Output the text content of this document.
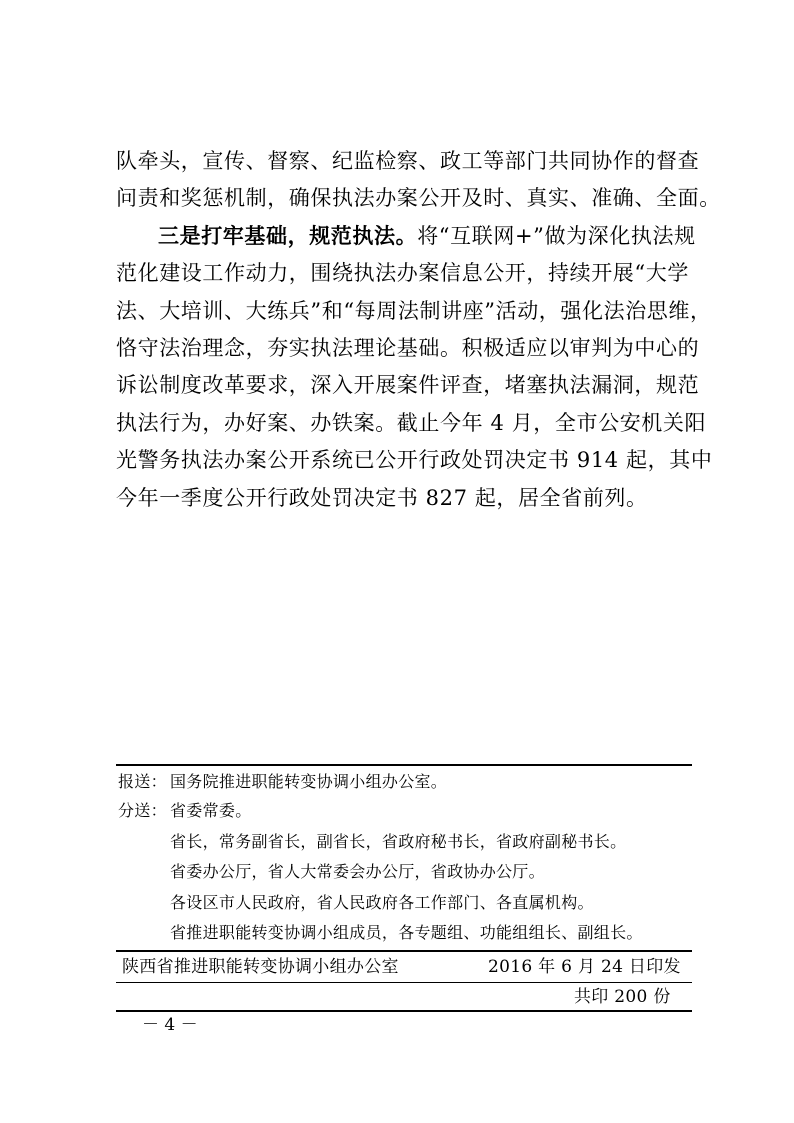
队牵头，宣传、督察、纪监检察、政工等部门共同协作的督查
问责和奖惩机制，确保执法办案公开及时、真实、准确、全面。
三是打牢基础，规范执法。将“互联网+”做为深化执法规
范化建设工作动力，围绕执法办案信息公开，持续开展“大学
法、大培训、大练兵”和“每周法制讲座”活动，强化法治思维，
恪守法治理念，夯实执法理论基础。积极适应以审判为中心的
诉讼制度改革要求，深入开展案件评查，堵塞执法漏洞，规范
执法行为，办好案、办铁案。截止今年 4 月，全市公安机关阳
光警务执法办案公开系统已公开行政处罚决定书 914 起，其中
今年一季度公开行政处罚决定书 827 起，居全省前列。
报送： 国务院推进职能转变协调小组办公室。
分送： 省委常委。
省长，常务副省长，副省长，省政府秘书长，省政府副秘书长。
省委办公厅，省人大常委会办公厅，省政协办公厅。
各设区市人民政府，省人民政府各工作部门、各直属机构。
省推进职能转变协调小组成员，各专题组、功能组组长、副组长。
陕西省推进职能转变协调小组办公室	2016 年 6 月 24 日印发
共印 200 份
－ 4 －
